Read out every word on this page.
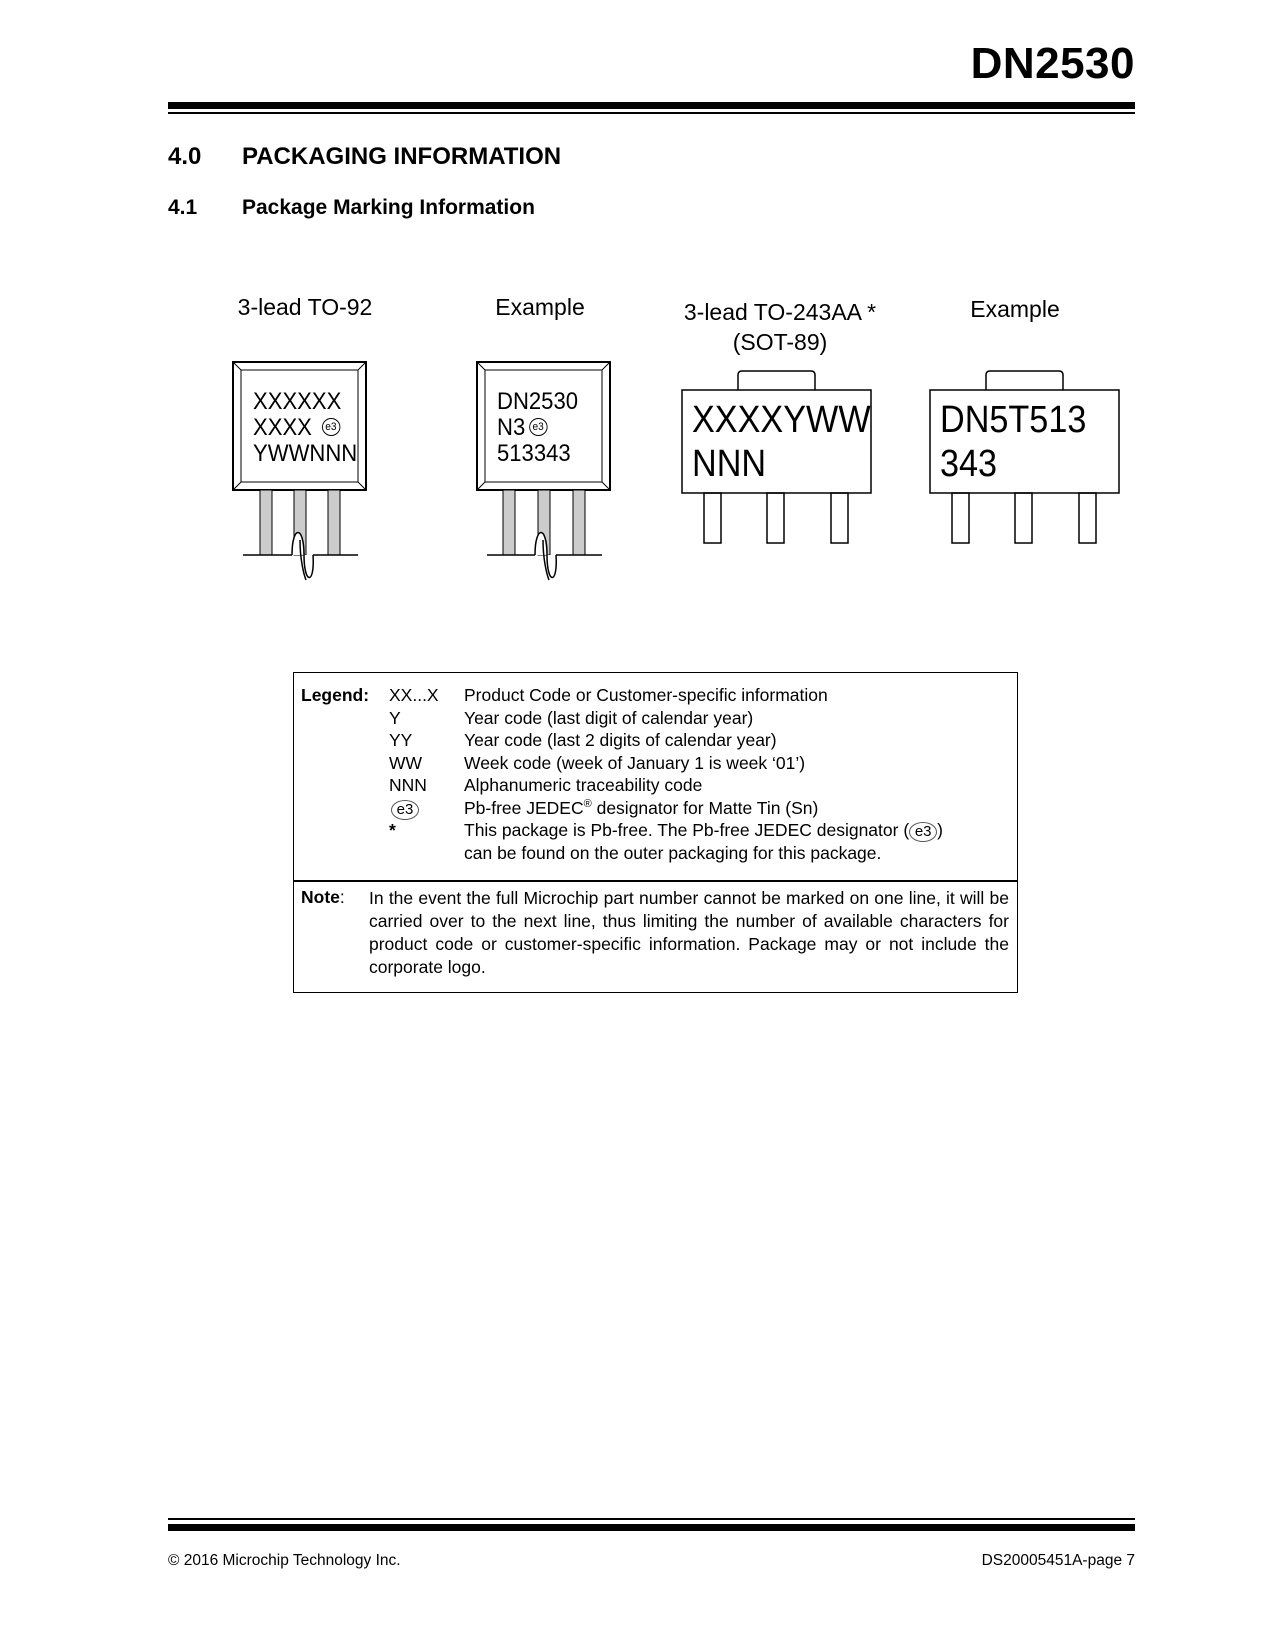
DN2530
4.0 PACKAGING INFORMATION
4.1 Package Marking Information
3-lead TO-92	Example	3-lead TO-243AA *
(SOT-89)
Example
XXXXXX
XXXX e3
YWWNNN
DN2530
N3 e3
513343
XXXXYWW
NNN
DN5T513
343
Legend: XX...X Product Code or Customer-specific information
Y	Year code (last digit of calendar year)
YY	Year code (last 2 digits of calendar year)
WW Week code (week of January 1 is week ‘01’)
NNN Alphanumeric traceability code
e3	Pb-free JEDEC® designator for Matte Tin (Sn)
*	This package is Pb-free. The Pb-free JEDEC designator ( e3 )
can be found on the outer packaging for this package.
Note: In the event the full Microchip part number cannot be marked on one line, it will be carried over to the next line, thus limiting the number of available characters for product code or customer-specific information. Package may or not include the corporate logo.
© 2016 Microchip Technology Inc.	DS20005451A-page 7
